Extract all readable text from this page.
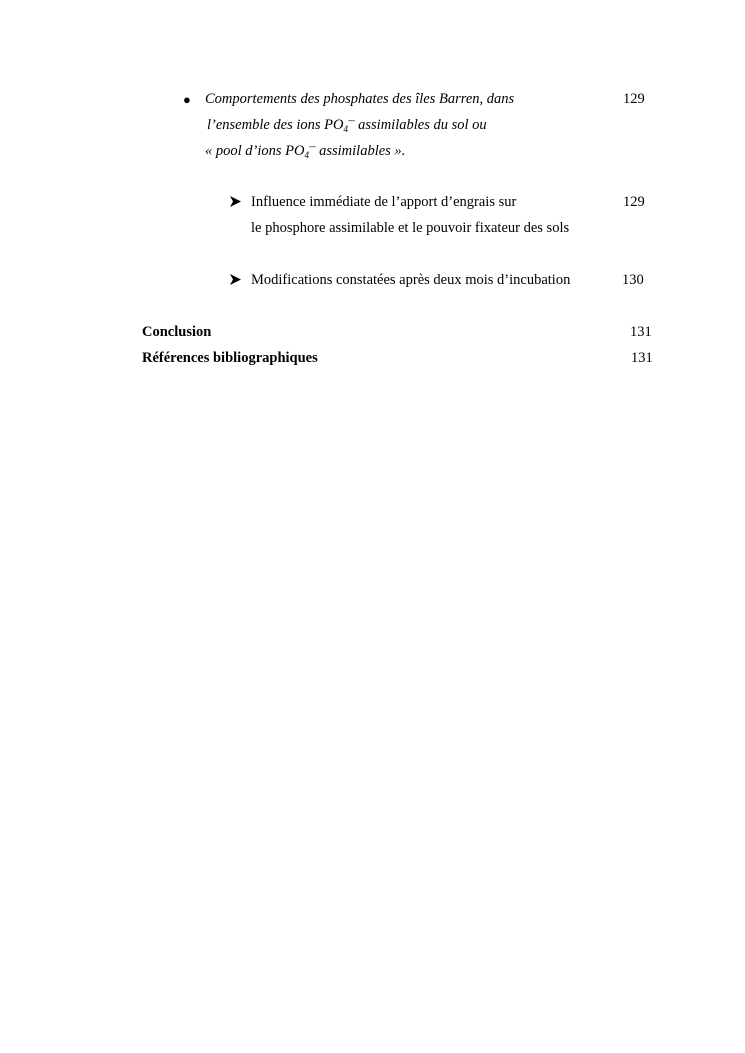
● Comportements des phosphates des îles Barren, dans	129
l’ensemble des ions $PO_4^{---}$ assimilables du sol ou
« pool d’ions $PO_4^{---}$ assimilables ».
Influence immédiate de l’apport d’engrais sur	129
le phosphore assimilable et le pouvoir fixateur des sols
Modifications constatées après deux mois d’incubation	130
Conclusion	131
Références bibliographiques	131
